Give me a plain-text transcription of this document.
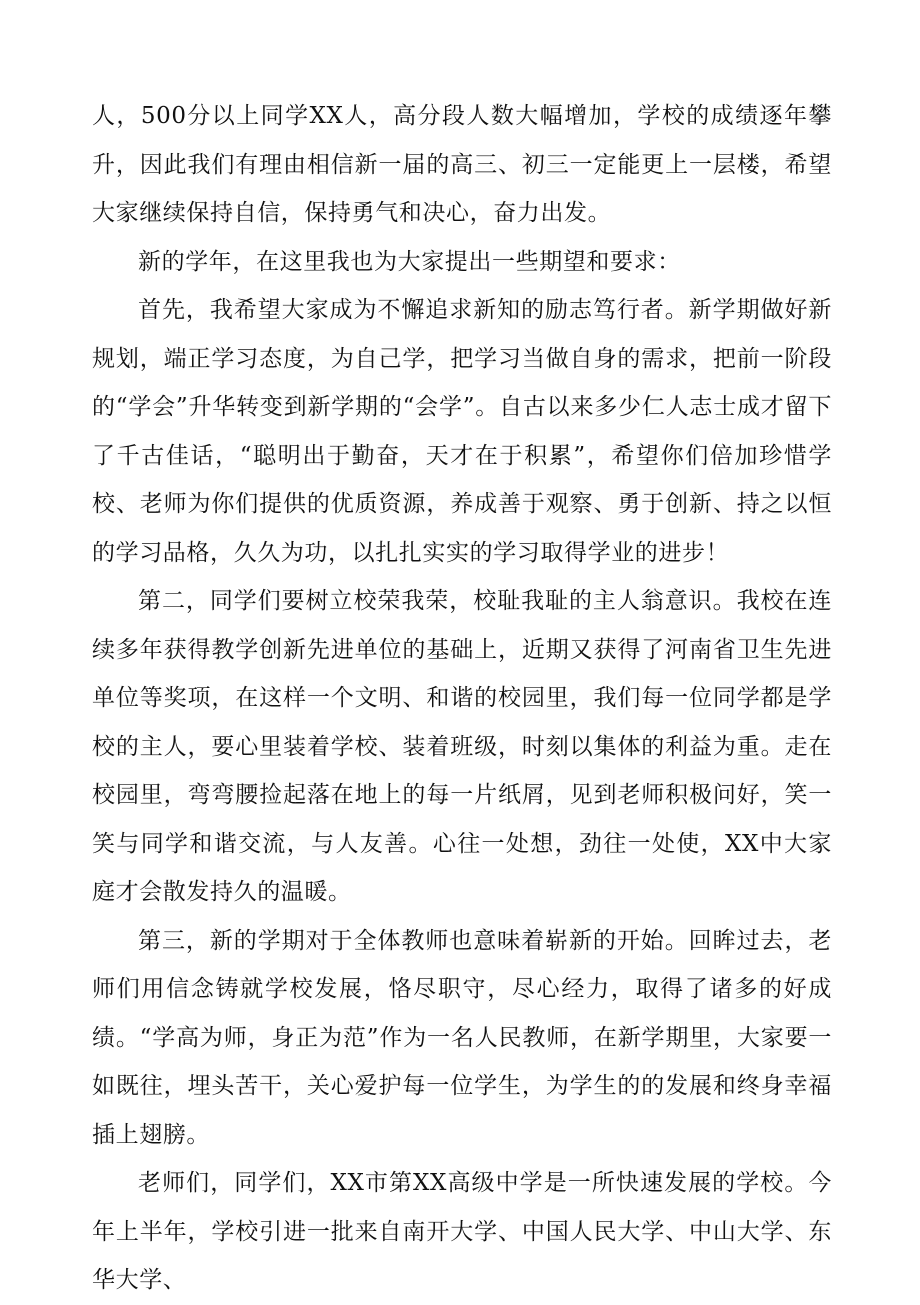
人，500分以上同学XX人，高分段人数大幅增加，学校的成绩逐年攀升，因此我们有理由相信新一届的高三、初三一定能更上一层楼，希望大家继续保持自信，保持勇气和决心，奋力出发。

新的学年，在这里我也为大家提出一些期望和要求：

首先，我希望大家成为不懈追求新知的励志笃行者。新学期做好新规划，端正学习态度，为自己学，把学习当做自身的需求，把前一阶段的“学会”升华转变到新学期的“会学”。自古以来多少仁人志士成才留下了千古佳话，“聪明出于勤奋，天才在于积累”，希望你们倍加珍惜学校、老师为你们提供的优质资源，养成善于观察、勇于创新、持之以恒的学习品格，久久为功，以扎扎实实的学习取得学业的进步！

第二，同学们要树立校荣我荣，校耻我耻的主人翁意识。我校在连续多年获得教学创新先进单位的基础上，近期又获得了河南省卫生先进单位等奖项，在这样一个文明、和谐的校园里，我们每一位同学都是学校的主人，要心里装着学校、装着班级，时刻以集体的利益为重。走在校园里，弯弯腰捡起落在地上的每一片纸屑，见到老师积极问好，笑一笑与同学和谐交流，与人友善。心往一处想，劲往一处使，XX中大家庭才会散发持久的温暖。

第三，新的学期对于全体教师也意味着崭新的开始。回眸过去，老师们用信念铸就学校发展，恪尽职守，尽心经力，取得了诸多的好成绩。“学高为师，身正为范”作为一名人民教师，在新学期里，大家要一如既往，埋头苦干，关心爱护每一位学生，为学生的的发展和终身幸福插上翅膀。

老师们，同学们，XX市第XX高级中学是一所快速发展的学校。今年上半年，学校引进一批来自南开大学、中国人民大学、中山大学、东华大学、
